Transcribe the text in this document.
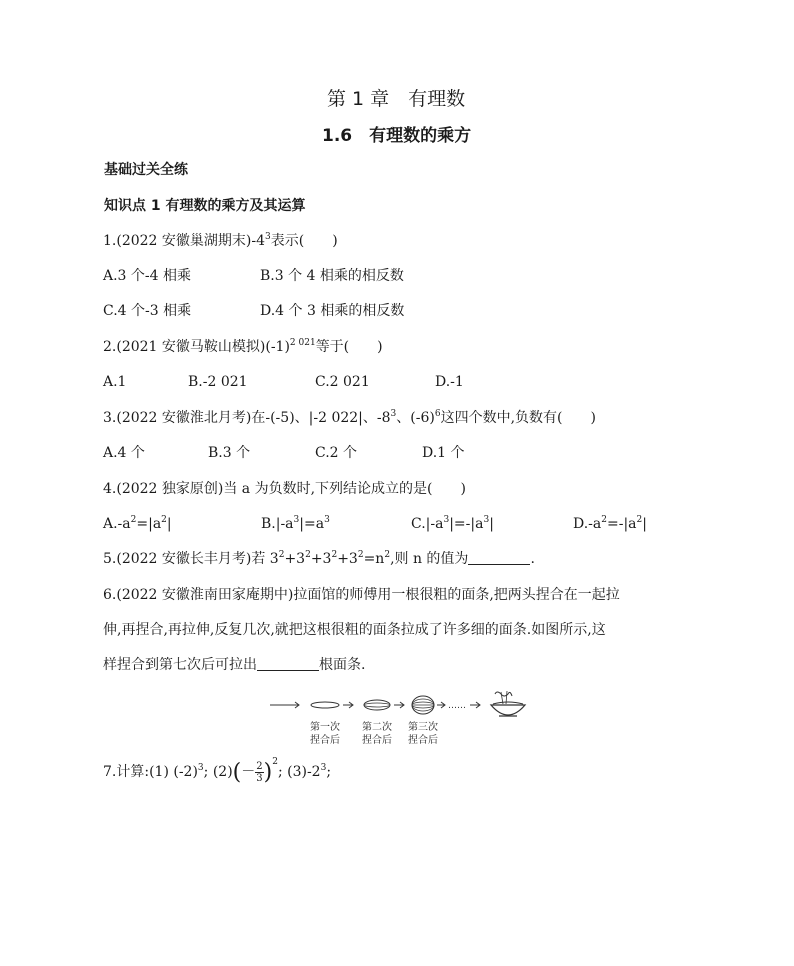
第 1 章　有理数
1.6　有理数的乘方
基础过关全练
知识点 1 有理数的乘方及其运算
1.(2022 安徽巢湖期末)$-4^3$表示(　　)
A.3 个-4 相乘	B.3 个 4 相乘的相反数
C.4 个-3 相乘	D.4 个 3 相乘的相反数
2.(2021 安徽马鞍山模拟)$(-1)^{2 021}$等于(　　)
A.1	B.-2 021	C.2 021	D.-1
3.(2022 安徽淮北月考)在-(-5)、|-2 022|、$-8^3$、$(-6)^6$这四个数中,负数有(　　)
A.4 个	B.3 个	C.2 个	D.1 个
4.(2022 独家原创)当 a 为负数时,下列结论成立的是(　　)
$A.-a^2=|a^2|$	$B.|-a^3|=a^3$	$C.|-a^3|=-|a^3|$	$D.-a^2=-|a^2|$
5.(2022 安徽长丰月考)若 $3^2+3^2+3^2+3^2=n^2$,则 n 的值为	.
6.(2022 安徽淮南田家庵期中)拉面馆的师傅用一根很粗的面条,把两头捏合在一起拉
伸,再捏合,再拉伸,反复几次,就把这根很粗的面条拉成了许多细的面条.如图所示,这
样捏合到第七次后可拉出	根面条.
……
第一次
捏合后
第二次
捏合后
第三次
捏合后
7.计算:(1) $(-2)^3$; $(2)(- \frac{2}{3} )^2$; $(3)-2^3$;
